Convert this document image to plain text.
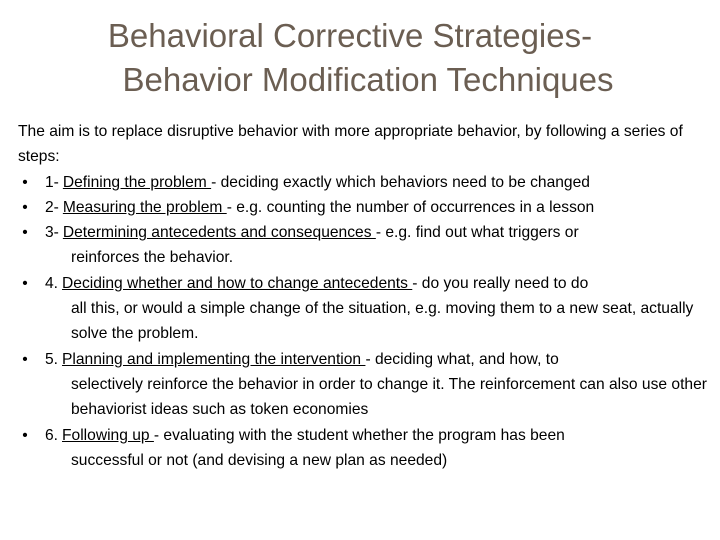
Behavioral Corrective Strategies-
Behavior Modification Techniques

The aim is to replace disruptive behavior with more appropriate behavior, by following a series of steps:

• 1- Defining the problem - deciding exactly which behaviors need to be changed
• 2- Measuring the problem - e.g. counting the number of occurrences in a lesson
• 3- Determining antecedents and consequences - e.g. find out what triggers or
reinforces the behavior.
• 4. Deciding whether and how to change antecedents - do you really need to do
all this, or would a simple change of the situation, e.g. moving them to a new seat, actually solve the problem.
• 5. Planning and implementing the intervention - deciding what, and how, to
selectively reinforce the behavior in order to change it. The reinforcement can also use other behaviorist ideas such as token economies
• 6. Following up - evaluating with the student whether the program has been
successful or not (and devising a new plan as needed)
